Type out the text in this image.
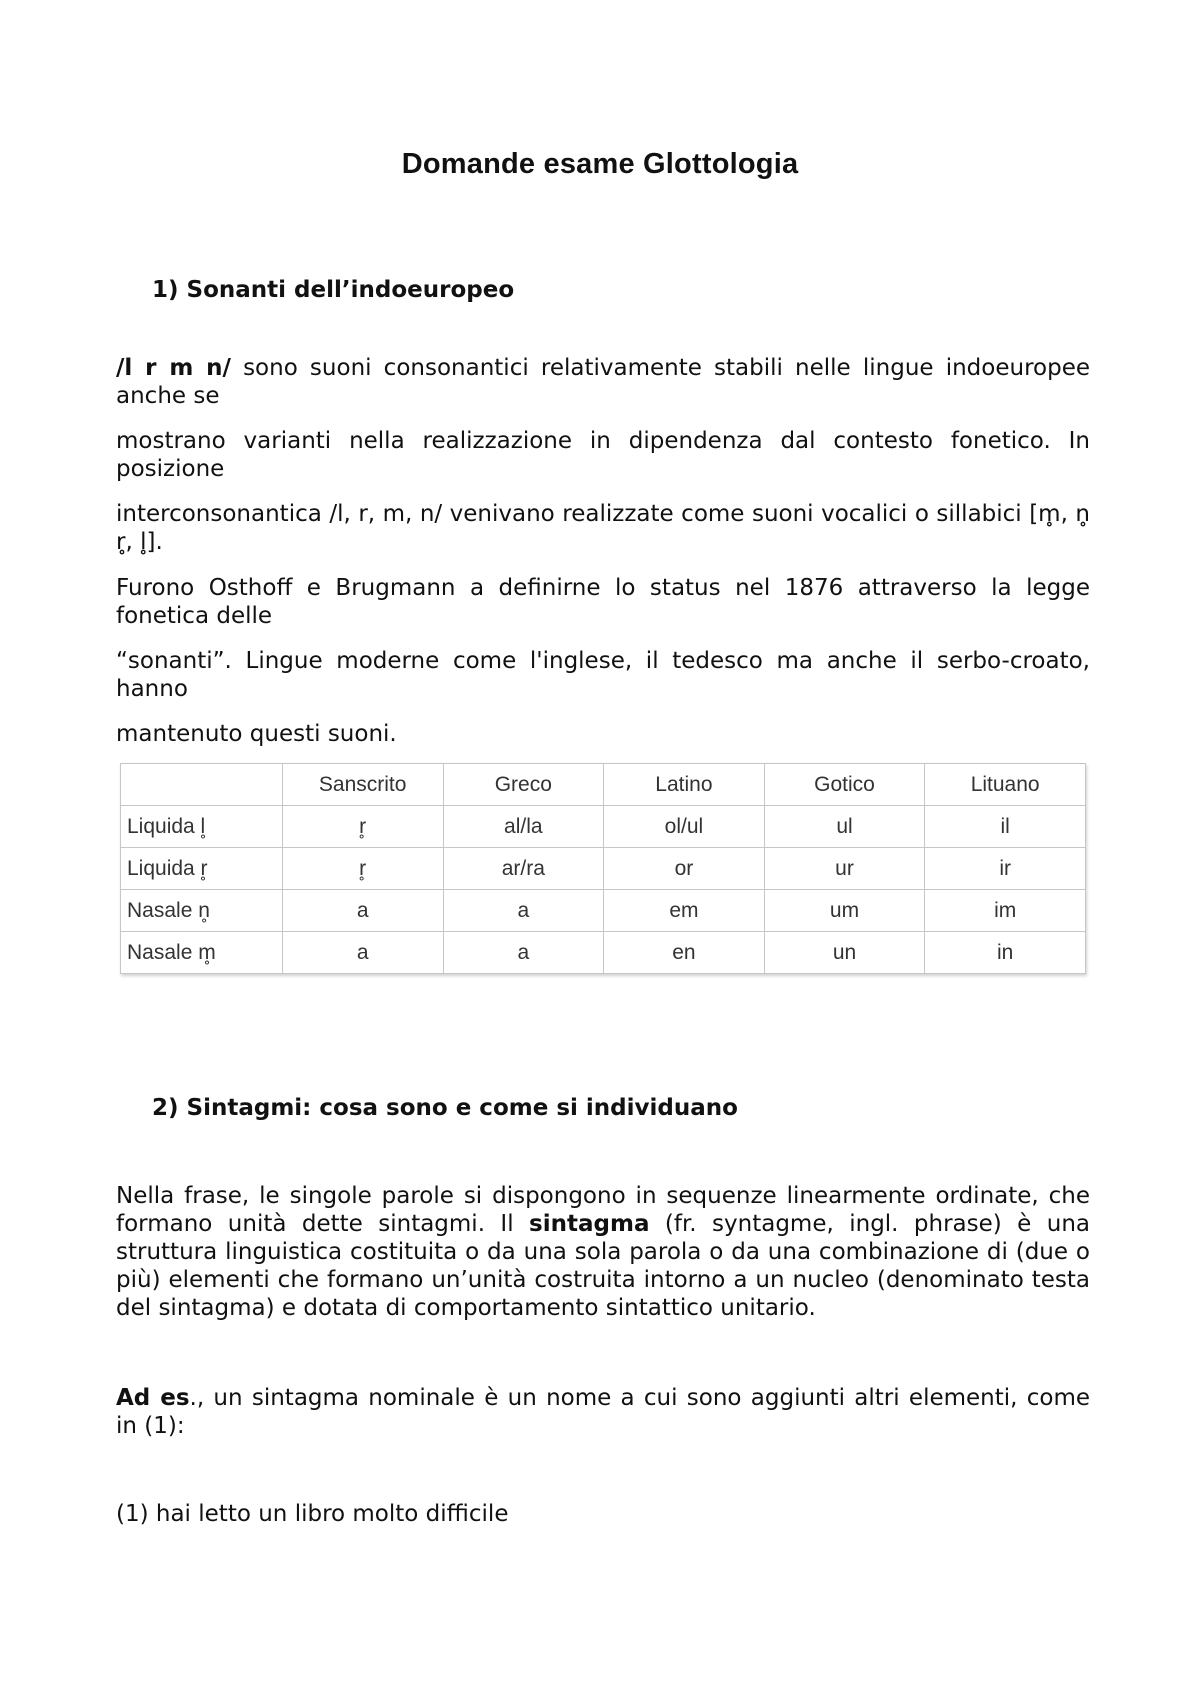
Domande esame Glottologia
1) Sonanti dell’indoeuropeo

/l r m n/ sono suoni consonantici relativamente stabili nelle lingue indoeuropee anche se

mostrano varianti nella realizzazione in dipendenza dal contesto fonetico. In posizione

interconsonantica /l, r, m, n/ venivano realizzate come suoni vocalici o sillabici [m̥, n̥ r̥, l̥].

Furono Osthoff e Brugmann a definirne lo status nel 1876 attraverso la legge fonetica delle

“sonanti”. Lingue moderne come l'inglese, il tedesco ma anche il serbo-croato, hanno

mantenuto questi suoni.

	Sanscrito	Greco	Latino	Gotico	Lituano
Liquida l̥	r̥	al/la	ol/ul	ul	il
Liquida r̥	r̥	ar/ra	or	ur	ir
Nasale n̥	a	a	em	um	im
Nasale m̥	a	a	en	un	in
2) Sintagmi: cosa sono e come si individuano

Nella frase, le singole parole si dispongono in sequenze linearmente ordinate, che formano unità dette sintagmi. Il sintagma (fr. syntagme, ingl. phrase) è una struttura linguistica costituita o da una sola parola o da una combinazione di (due o più) elementi che formano un’unità costruita intorno a un nucleo (denominato testa del sintagma) e dotata di comportamento sintattico unitario.

Ad es., un sintagma nominale è un nome a cui sono aggiunti altri elementi, come in (1):

(1) hai letto un libro molto difficile
